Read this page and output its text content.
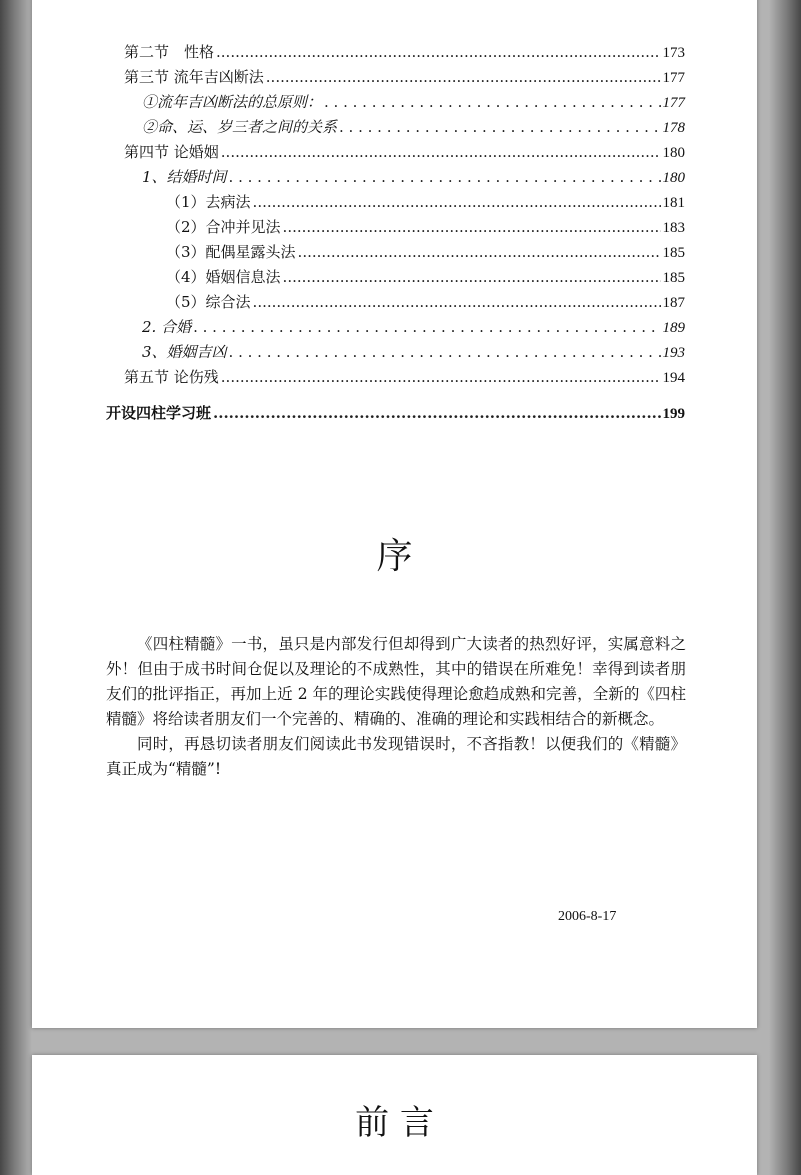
第二节　性格 .....	173
第三节 流年吉凶断法 .....	177
①流年吉凶断法的总原则： . . .	177
②命、运、岁三者之间的关系 . . .	178
第四节 论婚姻 .....	180
1、结婚时间 . . .	180
（1）去病法 .....	181
（2）合冲并见法 .....	183
（3）配偶星露头法 .....	185
（4）婚姻信息法 .....	185
（5）综合法 .....	187
2. 合婚 . . .	189
3、婚姻吉凶 . . .	193
第五节 论伤残 .....	194
开设四柱学习班 .....	199
序

《四柱精髓》一书，虽只是内部发行但却得到广大读者的热烈好评，实属意料之外！但由于成书时间仓促以及理论的不成熟性，其中的错误在所难免！幸得到读者朋友们的批评指正，再加上近 2 年的理论实践使得理论愈趋成熟和完善，全新的《四柱精髓》将给读者朋友们一个完善的、精确的、准确的理论和实践相结合的新概念。

同时，再恳切读者朋友们阅读此书发现错误时，不吝指教！以便我们的《精髓》真正成为“精髓”!

2006-8-17
前 言
